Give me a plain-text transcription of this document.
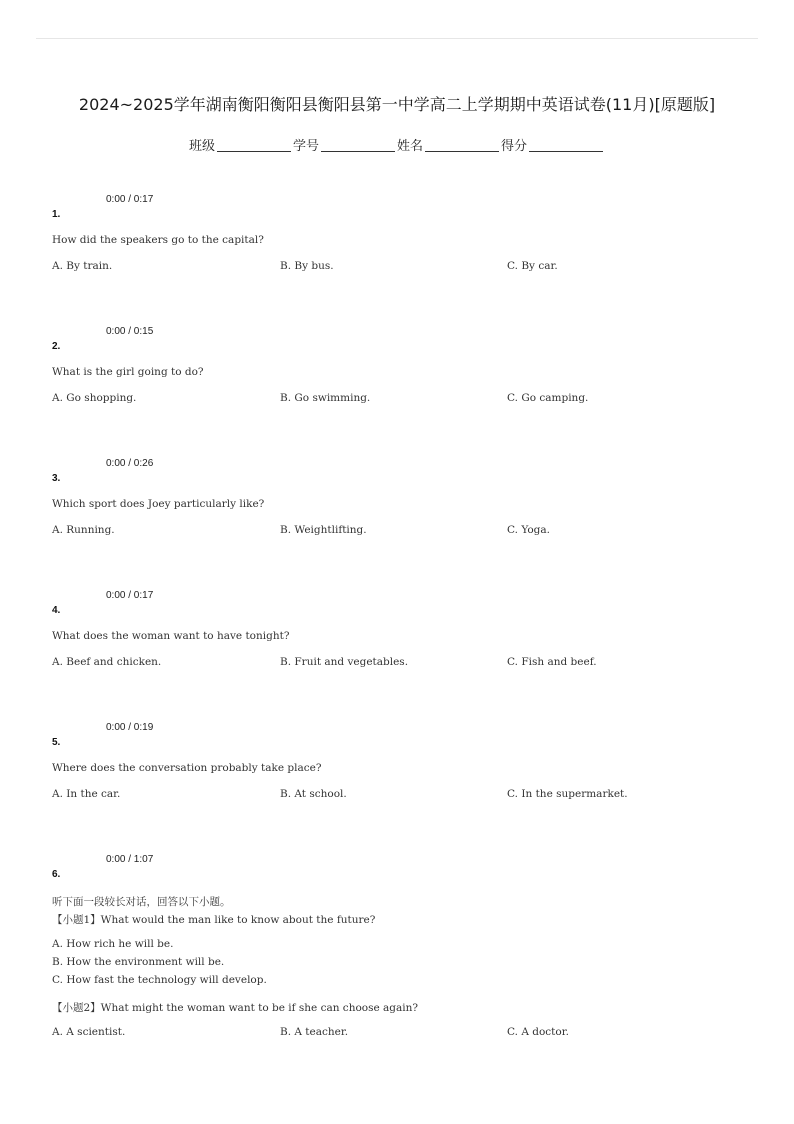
2024~2025学年湖南衡阳衡阳县衡阳县第一中学高二上学期期中英语试卷(11月)[原题版]
班级	学号	姓名	得分
0:00 / 0:17
1.
How did the speakers go to the capital?
A. By train.	B. By bus.	C. By car.
0:00 / 0:15
2.
What is the girl going to do?
A. Go shopping.	B. Go swimming.	C. Go camping.
0:00 / 0:26
3.
Which sport does Joey particularly like?
A. Running.	B. Weightlifting.	C. Yoga.
0:00 / 0:17
4.
What does the woman want to have tonight?
A. Beef and chicken.	B. Fruit and vegetables.	C. Fish and beef.
0:00 / 0:19
5.
Where does the conversation probably take place?
A. In the car.	B. At school.	C. In the supermarket.
0:00 / 1:07
6.
听下面一段较长对话，回答以下小题。
【小题1】What would the man like to know about the future?
A. How rich he will be.
B. How the environment will be.
C. How fast the technology will develop.
【小题2】What might the woman want to be if she can choose again?
A. A scientist.	B. A teacher.	C. A doctor.
